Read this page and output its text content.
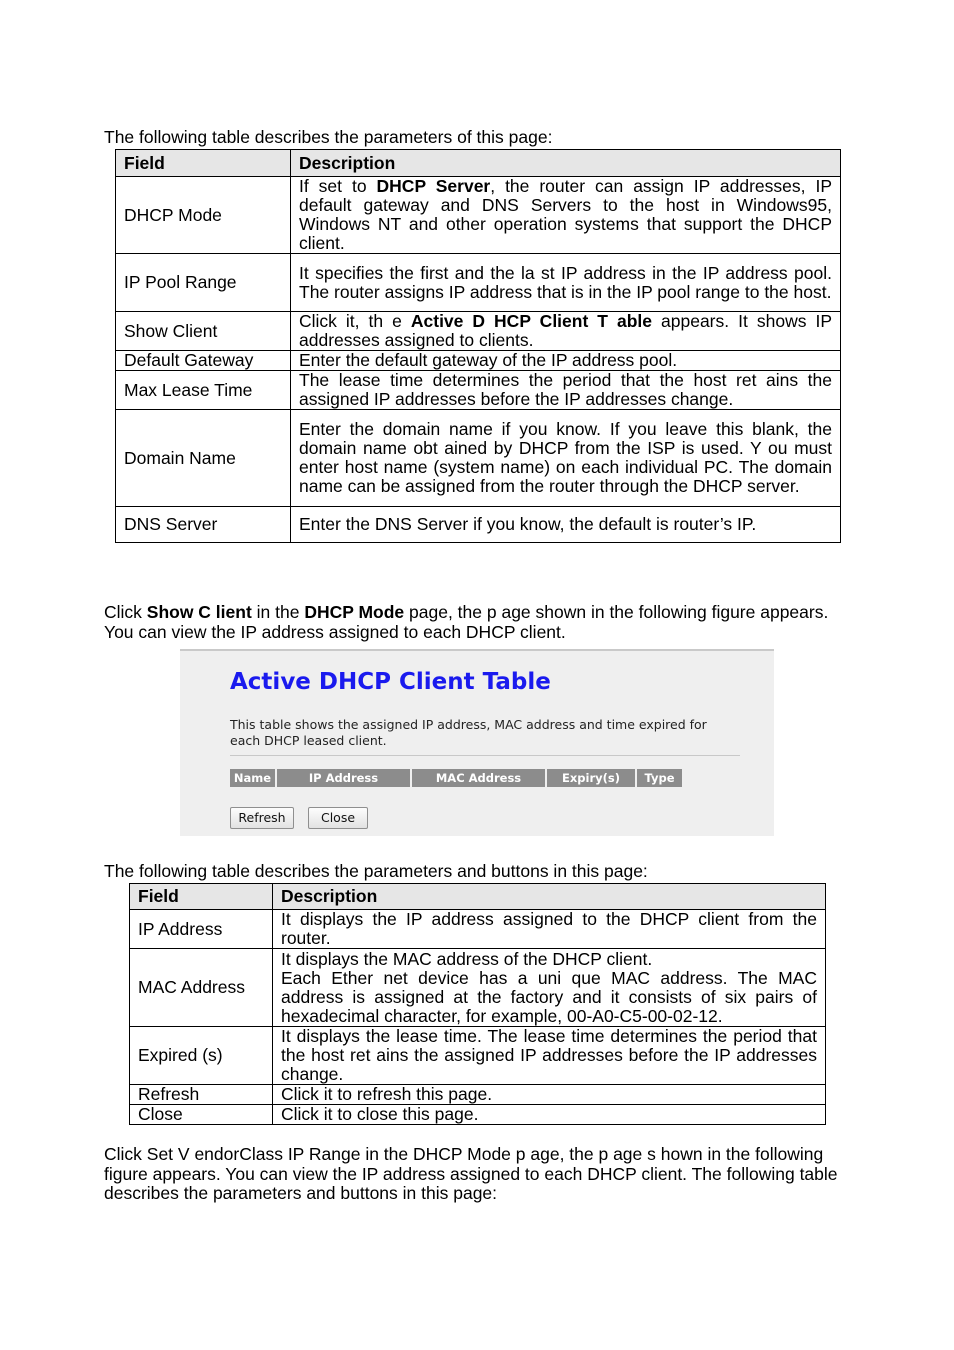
The following table describes the parameters of this page:

Field	Description
DHCP Mode	If set to DHCP Server, the router can assign IP addresses, IP default gateway and DNS Servers to the host in Windows95, Windows NT and other operation systems that support the DHCP client.
IP Pool Range	It specifies the first and the la st IP address in the IP address pool. The router assigns IP address that is in the IP pool range to the host.
Show Client	Click it, th e Active D HCP Client T able appears. It shows IP addresses assigned to clients.
Default Gateway	Enter the default gateway of the IP address pool.
Max Lease Time	The lease time determines the period that the host ret ains the assigned IP addresses before the IP addresses change.
Domain Name	Enter the domain name if you know. If you leave this blank, the domain name obt ained by DHCP from the ISP is used. Y ou must enter host name (system name) on each individual PC. The domain name can be assigned from the router through the DHCP server.
DNS Server	Enter the DNS Server if you know, the default is router’s IP.

Click Show C lient in the DHCP Mode page, the p age shown in the following figure appears. You can view the IP address assigned to each DHCP client.

Active DHCP Client Table

This table shows the assigned IP address, MAC address and time expired for each DHCP leased client.

Name	IP Address	MAC Address	Expiry(s)	Type
Refresh	Close

The following table describes the parameters and buttons in this page:

Field	Description
IP Address	It displays the IP address assigned to the DHCP client from the router.
MAC Address	It displays the MAC address of the DHCP client.
Each Ether net device has a uni que MAC address. The MAC address is assigned at the factory and it consists of six pairs of hexadecimal character, for example, 00-A0-C5-00-02-12.
Expired (s)	It displays the lease time. The lease time determines the period that the host ret ains the assigned IP addresses before the IP addresses change.
Refresh	Click it to refresh this page.
Close	Click it to close this page.

Click Set V endorClass IP Range in the DHCP Mode p age, the p age s hown in the following figure appears. You can view the IP address assigned to each DHCP client. The following table describes the parameters and buttons in this page:
